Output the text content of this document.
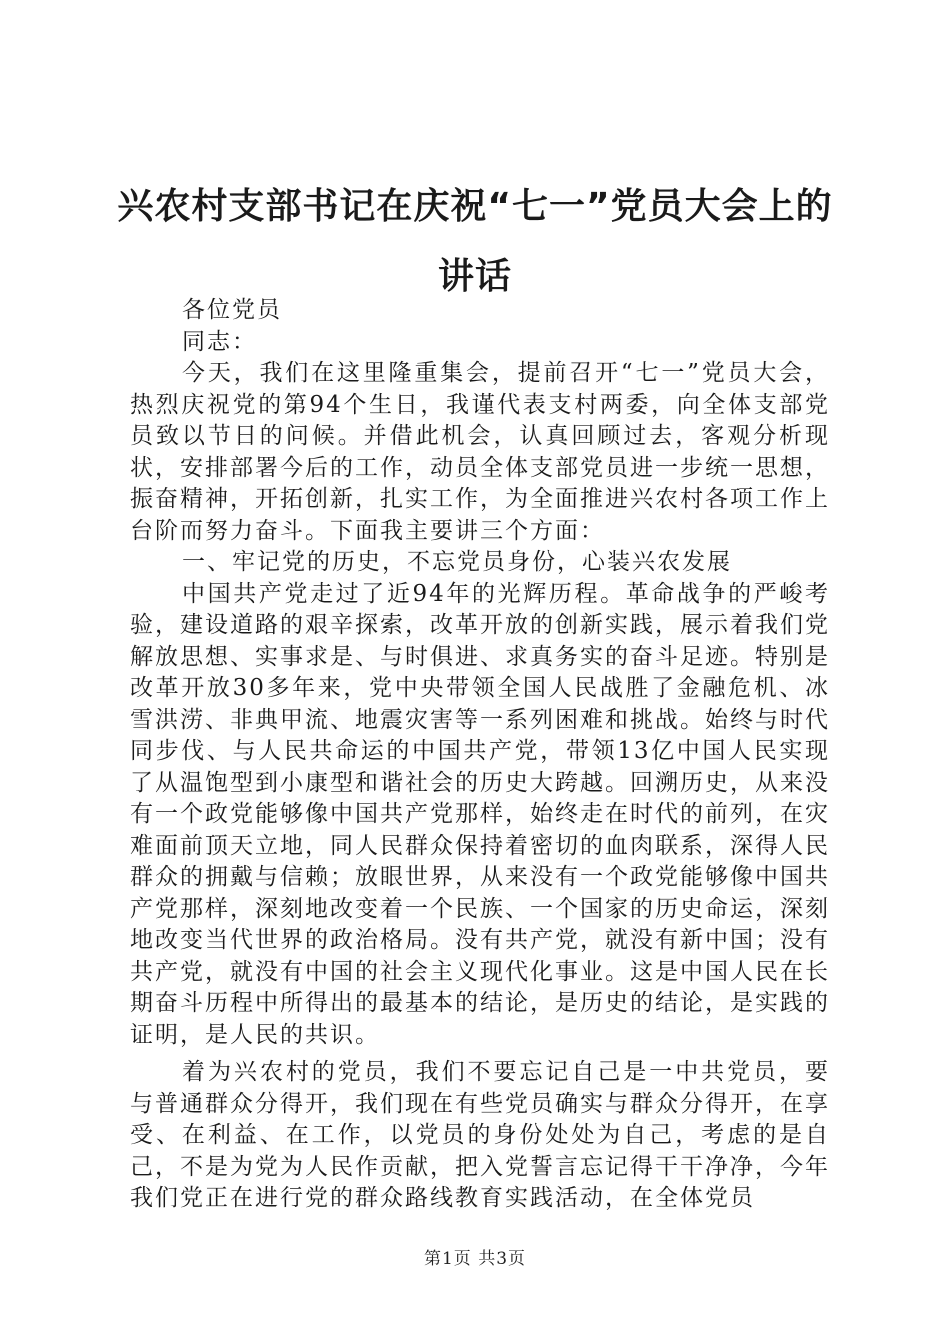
兴农村支部书记在庆祝“七一”党员大会上的讲话

各位党员

同志：

今天，我们在这里隆重集会，提前召开“七一”党员大会，热烈庆祝党的第94个生日，我谨代表支村两委，向全体支部党员致以节日的问候。并借此机会，认真回顾过去，客观分析现状，安排部署今后的工作，动员全体支部党员进一步统一思想，振奋精神，开拓创新，扎实工作，为全面推进兴农村各项工作上台阶而努力奋斗。下面我主要讲三个方面：

一、牢记党的历史，不忘党员身份，心装兴农发展

中国共产党走过了近94年的光辉历程。革命战争的严峻考验，建设道路的艰辛探索，改革开放的创新实践，展示着我们党解放思想、实事求是、与时俱进、求真务实的奋斗足迹。特别是改革开放30多年来，党中央带领全国人民战胜了金融危机、冰雪洪涝、非典甲流、地震灾害等一系列困难和挑战。始终与时代同步伐、与人民共命运的中国共产党，带领13亿中国人民实现了从温饱型到小康型和谐社会的历史大跨越。回溯历史，从来没有一个政党能够像中国共产党那样，始终走在时代的前列，在灾难面前顶天立地，同人民群众保持着密切的血肉联系，深得人民群众的拥戴与信赖；放眼世界，从来没有一个政党能够像中国共产党那样，深刻地改变着一个民族、一个国家的历史命运，深刻地改变当代世界的政治格局。没有共产党，就没有新中国；没有共产党，就没有中国的社会主义现代化事业。这是中国人民在长期奋斗历程中所得出的最基本的结论，是历史的结论，是实践的证明，是人民的共识。

着为兴农村的党员，我们不要忘记自己是一中共党员，要与普通群众分得开，我们现在有些党员确实与群众分得开，在享受、在利益、在工作，以党员的身份处处为自己，考虑的是自己，不是为党为人民作贡献，把入党誓言忘记得干干净净，今年我们党正在进行党的群众路线教育实践活动，在全体党员

第1页 共3页
